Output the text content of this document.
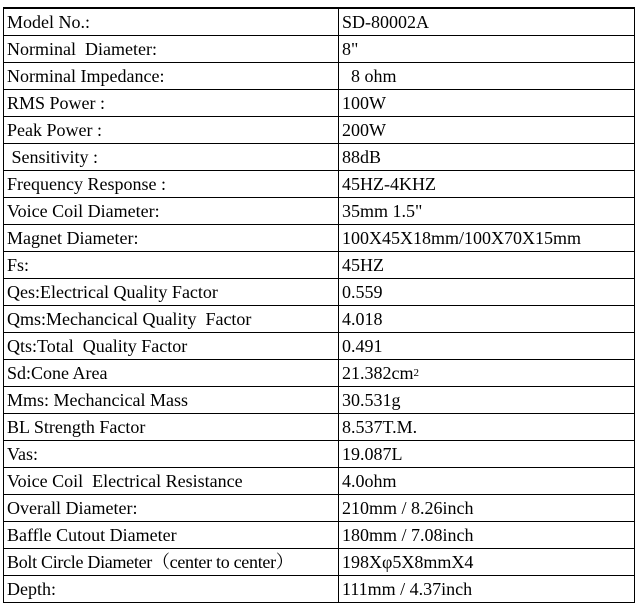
Model No.:	SD-80002A
Norminal  Diameter:	8"
Norminal Impedance:	8 ohm
RMS Power :	100W
Peak Power :	200W
Sensitivity :	88dB
Frequency Response :	45HZ-4KHZ
Voice Coil Diameter:	35mm 1.5"
Magnet Diameter:	100X45X18mm/100X70X15mm
Fs:	45HZ
Qes:Electrical Quality Factor	0.559
Qms:Mechancical Quality  Factor	4.018
Qts:Total  Quality Factor	0.491
Sd:Cone Area	$21.382cm^2$
Mms: Mechancical Mass	30.531g
BL Strength Factor	8.537T.M.
Vas:	19.087L
Voice Coil  Electrical Resistance	4.0ohm
Overall Diameter:	210mm / 8.26inch
Baffle Cutout Diameter	180mm / 7.08inch
Bolt Circle Diameter（center to center）	198Xφ5X8mmX4
Depth:	111mm / 4.37inch
